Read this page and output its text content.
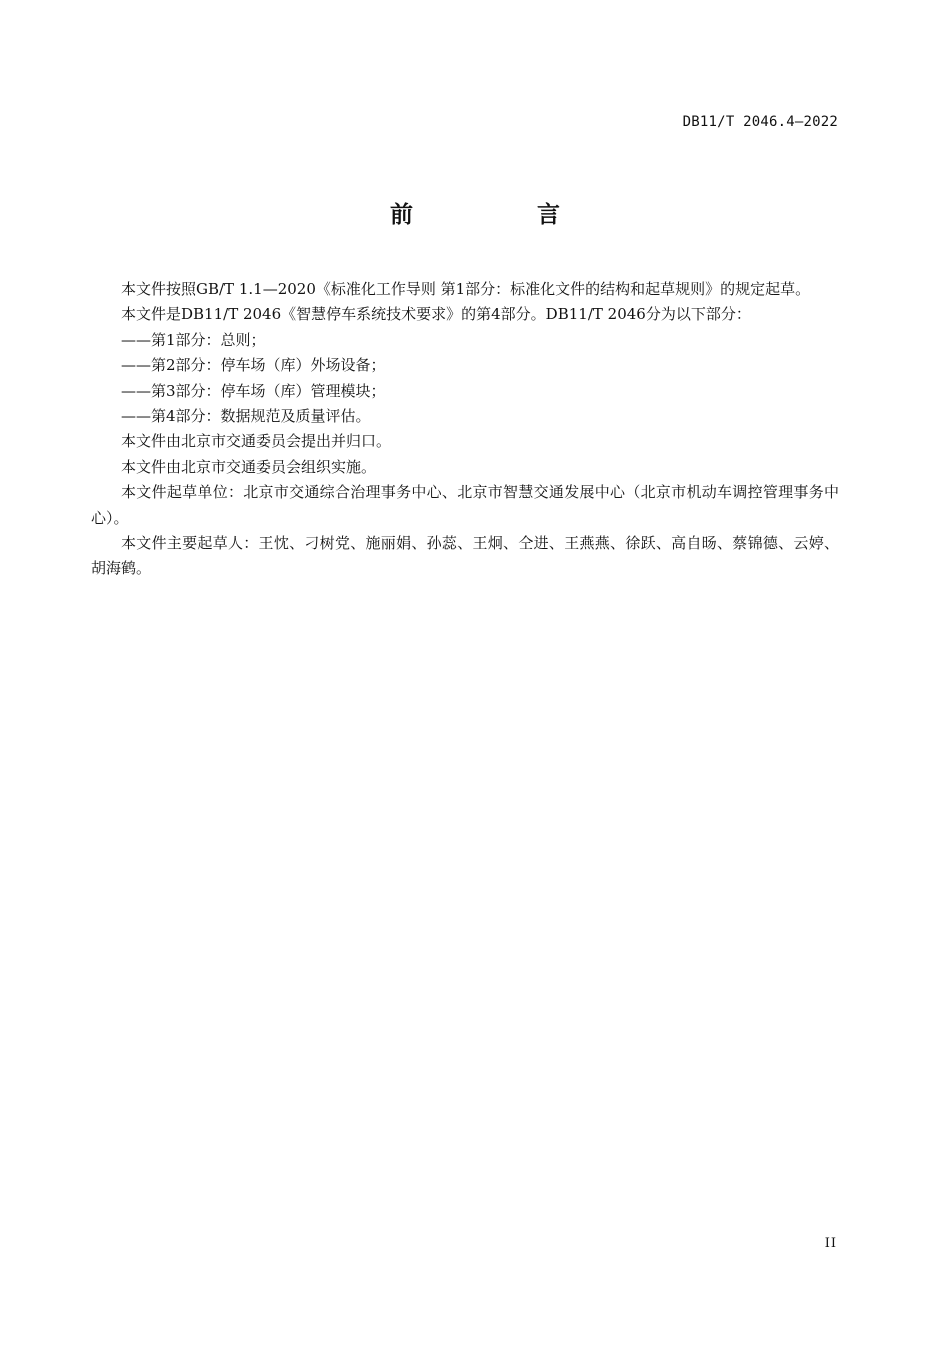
DB11/T 2046.4—2022
前 言

本文件按照GB/T 1.1—2020《标准化工作导则 第1部分：标准化文件的结构和起草规则》的规定起草。

本文件是DB11/T 2046《智慧停车系统技术要求》的第4部分。DB11/T 2046分为以下部分：

——第1部分：总则；

——第2部分：停车场（库）外场设备；

——第3部分：停车场（库）管理模块；

——第4部分：数据规范及质量评估。

本文件由北京市交通委员会提出并归口。

本文件由北京市交通委员会组织实施。

本文件起草单位：北京市交通综合治理事务中心、北京市智慧交通发展中心（北京市机动车调控管理事务中心）。

本文件主要起草人：王忱、刁树党、施丽娟、孙蕊、王炯、仝进、王燕燕、徐跃、高自旸、蔡锦德、云婷、胡海鹤。

II
